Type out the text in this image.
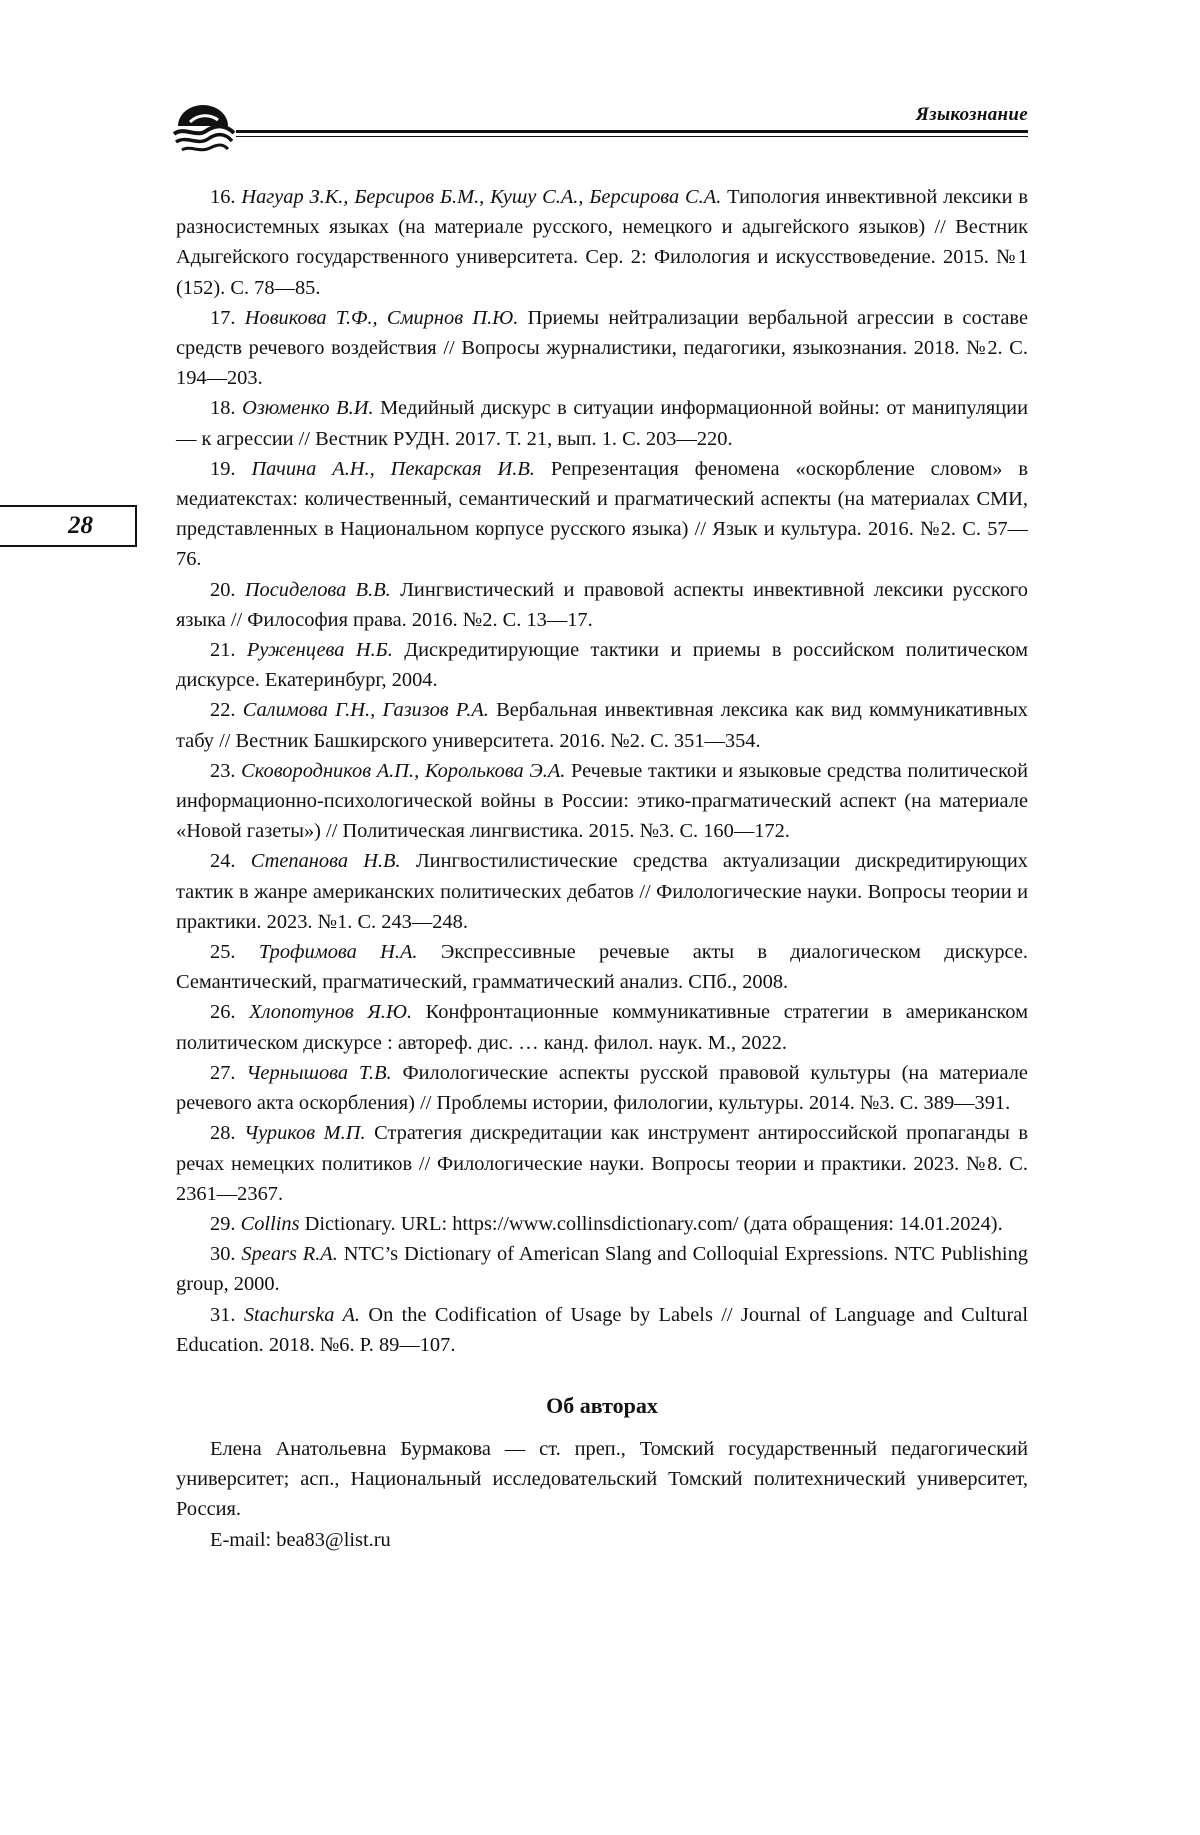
Языкознание
28

16. Нагуар З.К., Берсиров Б.М., Кушу С.А., Берсирова С.А. Типология инвективной лексики в разносистемных языках (на материале русского, немецкого и адыгейского языков) // Вестник Адыгейского государственного университета. Сер. 2: Филология и искусствоведение. 2015. №1 (152). С. 78—85.

17. Новикова Т.Ф., Смирнов П.Ю. Приемы нейтрализации вербальной агрессии в составе средств речевого воздействия // Вопросы журналистики, педагогики, языкознания. 2018. №2. С. 194—203.

18. Озюменко В.И. Медийный дискурс в ситуации информационной войны: от манипуляции — к агрессии // Вестник РУДН. 2017. Т. 21, вып. 1. С. 203—220.

19. Пачина А.Н., Пекарская И.В. Репрезентация феномена «оскорбление словом» в медиатекстах: количественный, семантический и прагматический аспекты (на материалах СМИ, представленных в Национальном корпусе русского языка) // Язык и культура. 2016. №2. С. 57—76.

20. Посиделова В.В. Лингвистический и правовой аспекты инвективной лексики русского языка // Философия права. 2016. №2. С. 13—17.

21. Руженцева Н.Б. Дискредитирующие тактики и приемы в российском политическом дискурсе. Екатеринбург, 2004.

22. Салимова Г.Н., Газизов Р.А. Вербальная инвективная лексика как вид коммуникативных табу // Вестник Башкирского университета. 2016. №2. С. 351—354.

23. Сковородников А.П., Королькова Э.А. Речевые тактики и языковые средства политической информационно-психологической войны в России: этико-прагматический аспект (на материале «Новой газеты») // Политическая лингвистика. 2015. №3. С. 160—172.

24. Степанова Н.В. Лингвостилистические средства актуализации дискредитирующих тактик в жанре американских политических дебатов // Филологические науки. Вопросы теории и практики. 2023. №1. С. 243—248.

25. Трофимова Н.А. Экспрессивные речевые акты в диалогическом дискурсе. Семантический, прагматический, грамматический анализ. СПб., 2008.

26. Хлопотунов Я.Ю. Конфронтационные коммуникативные стратегии в американском политическом дискурсе : автореф. дис. … канд. филол. наук. М., 2022.

27. Чернышова Т.В. Филологические аспекты русской правовой культуры (на материале речевого акта оскорбления) // Проблемы истории, филологии, культуры. 2014. №3. С. 389—391.

28. Чуриков М.П. Стратегия дискредитации как инструмент антироссийской пропаганды в речах немецких политиков // Филологические науки. Вопросы теории и практики. 2023. №8. С. 2361—2367.

29. Collins Dictionary. URL: https://www.collinsdictionary.com/ (дата обращения: 14.01.2024).

30. Spears R.A. NTC’s Dictionary of American Slang and Colloquial Expressions. NTC Publishing group, 2000.

31. Stachurska A. On the Codification of Usage by Labels // Journal of Language and Cultural Education. 2018. №6. P. 89—107.

Об авторах

Елена Анатольевна Бурмакова — ст. преп., Томский государственный педагогический университет; асп., Национальный исследовательский Томский политехнический университет, Россия.

E-mail: bea83@list.ru
